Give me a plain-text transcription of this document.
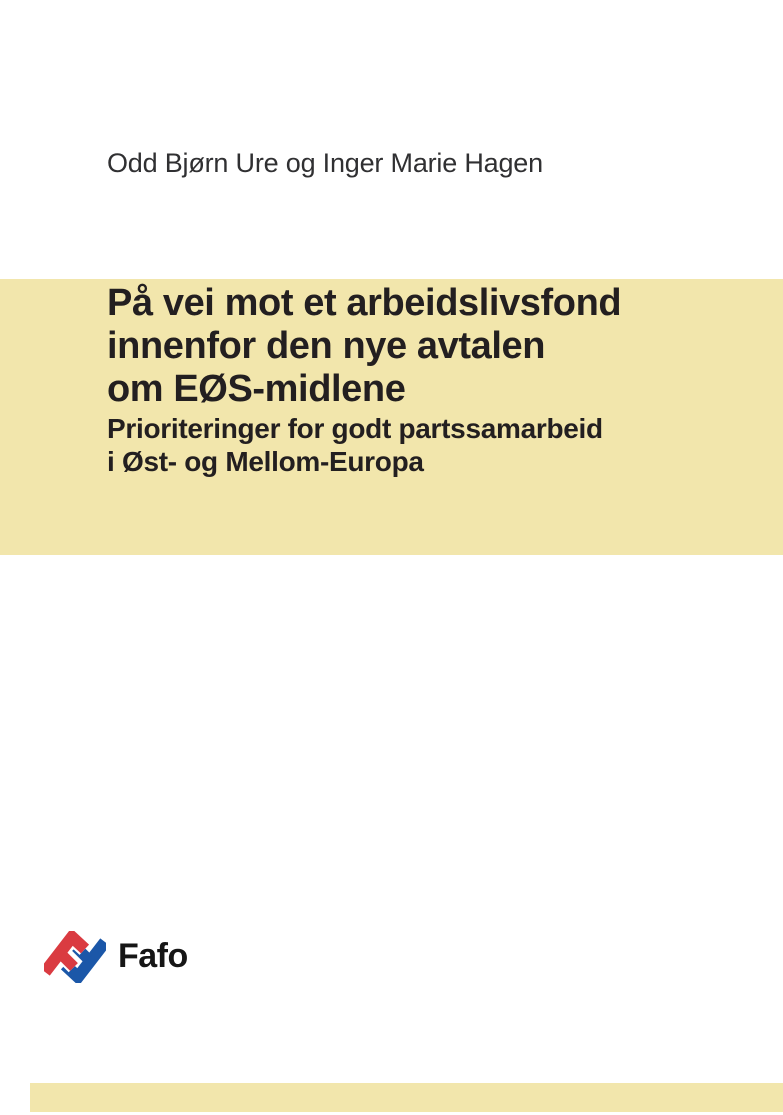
Odd Bjørn Ure og Inger Marie Hagen
På vei mot et arbeidslivsfond
innenfor den nye avtalen
om EØS-midlene
Prioriteringer for godt partssamarbeid
i Øst- og Mellom-Europa
Fafo
